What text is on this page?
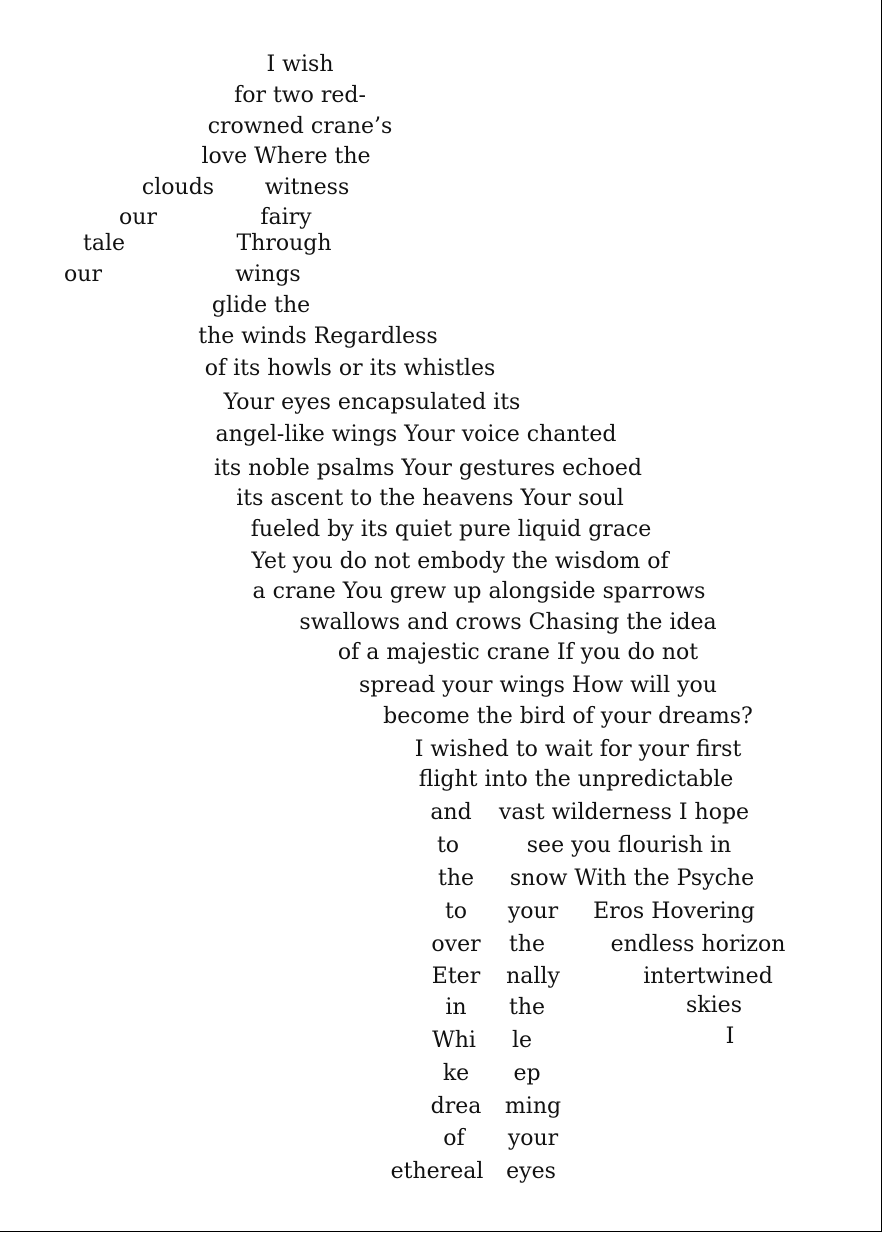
I wish
for two red-
crowned crane’s
love Where the
clouds witness
our	fairy
tale	Through
our	wings
glide the
the winds Regardless
of its howls or its whistles
Your eyes encapsulated its
angel-like wings Your voice chanted
its noble psalms Your gestures echoed
its ascent to the heavens Your soul
fueled by its quiet pure liquid grace
Yet you do not embody the wisdom of
a crane You grew up alongside sparrows
swallows and crows Chasing the idea
of a majestic crane If you do not
spread your wings How will you
become the bird of your dreams?
I wished to wait for your first
flight into the unpredictable
and vast wilderness I hope
to	see you flourish in
the snow With the Psyche
to your Eros Hovering
over the	endless horizon
Eter nally	intertwined
in the	skies
Whi le	I
ke ep
drea ming
of your
ethereal eyes
